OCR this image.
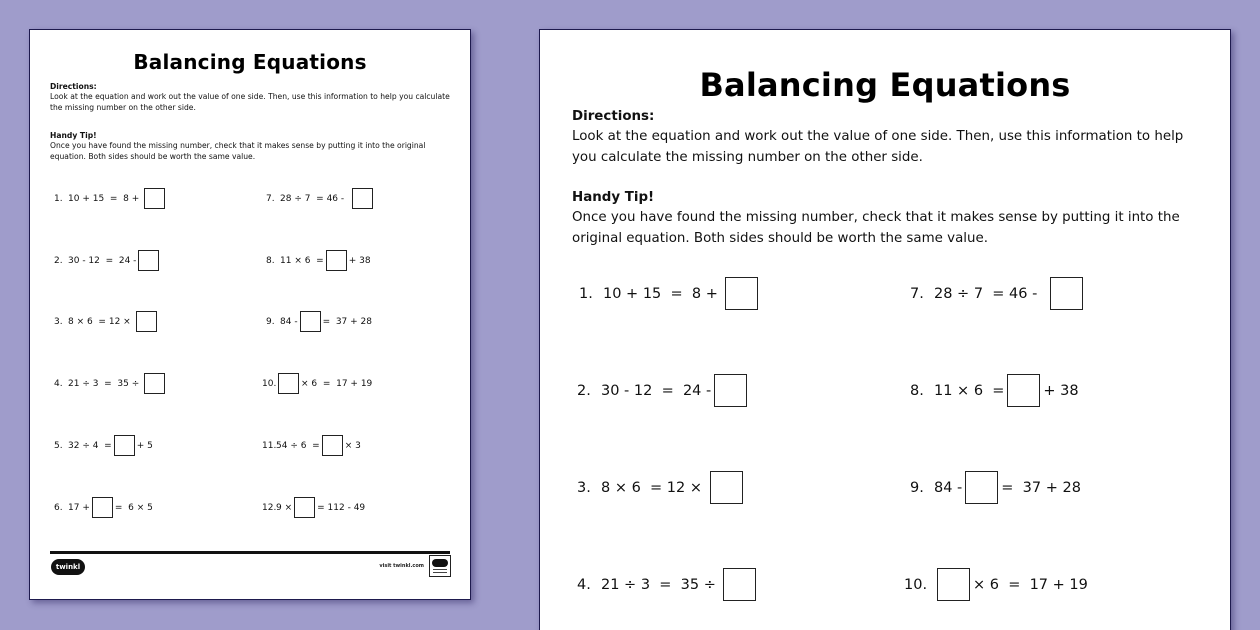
Balancing Equations
Directions:
Look at the equation and work out the value of one side. Then, use this information to help you calculate the missing number on the other side.
Handy Tip!
Once you have found the missing number, check that it makes sense by putting it into the original equation. Both sides should be worth the same value.
1. 10 + 15  =  8 +
2. 30 - 12  =  24 -
3. 8 × 6  = 12 ×
4. 21 ÷ 3  =  35 ÷
5. 32 ÷ 4  =	+ 5
6. 17 +	=  6 × 5
7. 28 ÷ 7  = 46 -
8. 11 × 6  =	+ 38
9. 84 -	=  37 + 28
10.	× 6  =  17 + 19
11. 54 ÷ 6  =	× 3
12. 9 ×	= 112 - 49
twinkl	visit twinkl.com
Balancing Equations
Directions:
Look at the equation and work out the value of one side. Then, use this information to help you calculate the missing number on the other side.
Handy Tip!
Once you have found the missing number, check that it makes sense by putting it into the original equation. Both sides should be worth the same value.
1. 10 + 15  =  8 +
2. 30 - 12  =  24 -
3. 8 × 6  = 12 ×
4. 21 ÷ 3  =  35 ÷
7. 28 ÷ 7  = 46 -
8. 11 × 6  =	+ 38
9. 84 -	=  37 + 28
10.	× 6  =  17 + 19
